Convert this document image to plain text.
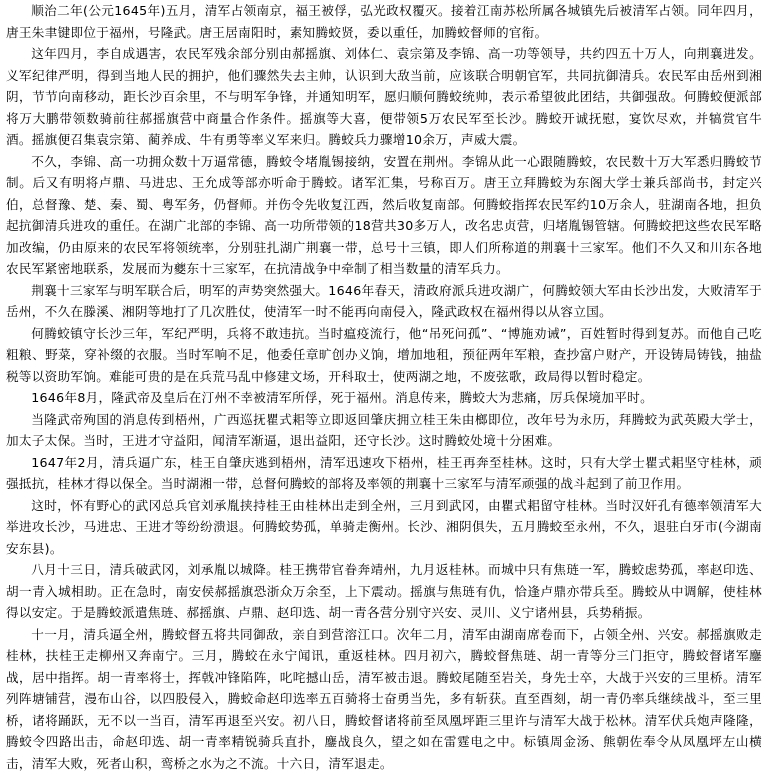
顺治二年(公元1645年)五月，清军占领南京，福王被俘，弘光政权覆灭。接着江南苏松所属各城镇先后被清军占领。同年四月，唐王朱聿键即位于福州，号隆武。唐王居南阳时，素知腾蛟贤，委以重任，加腾蛟督师的官衔。

这年四月，李自成遇害，农民军残余部分别由郝摇旗、刘体仁、袁宗第及李锦、高一功等领导，共约四五十万人，向荆襄进发。义军纪律严明，得到当地人民的拥护，他们骤然失去主帅，认识到大敌当前，应该联合明朝官军，共同抗御清兵。农民军由岳州到湘阴，节节向南移动，距长沙百余里，不与明军争锋，并通知明军，愿归顺何腾蛟统帅，表示希望彼此团结，共御强敌。何腾蛟便派部将万大鹏带领数骑前往郝摇旗营中商量合作条件。摇旗等大喜，便带领5万农民军至长沙。腾蛟开诚抚慰，宴饮尽欢，并犒赏官牛酒。摇旗便召集袁宗第、蔺养成、牛有勇等率义军来归。腾蛟兵力骤增10余万，声威大震。

不久，李锦、高一功拥众数十万逼常德，腾蛟令堵胤锡接纳，安置在荆州。李锦从此一心跟随腾蛟，农民数十万大军悉归腾蛟节制。后又有明将卢鼎、马进忠、王允成等部亦听命于腾蛟。诸军汇集，号称百万。唐王立拜腾蛟为东阁大学士兼兵部尚书，封定兴伯，总督豫、楚、秦、蜀、粤军务，仍督师。并伤令先收复江西，然后收复南部。何腾蛟指挥农民军约10万余人，驻湖南各地，担负起抗御清兵进攻的重任。在湖广北部的李锦、高一功所带领的18营共30多万人，改名忠贞营，归堵胤锡管辖。何腾蛟把这些农民军略加改编，仍由原来的农民军将领统率，分别驻扎湖广荆襄一带，总号十三镇，即人们所称道的荆襄十三家军。他们不久又和川东各地农民军紧密地联系，发展而为夔东十三家军，在抗清战争中牵制了相当数量的清军兵力。

荆襄十三家军与明军联合后，明军的声势突然强大。1646年春天，清政府派兵进攻湖广，何腾蛟领大军由长沙出发，大败清军于岳州，不久在滕溪、湘阴等地打了几次胜仗，使清军一时不能再向南侵入，隆武政权在福州得以从容立国。

何腾蛟镇守长沙三年，军纪严明，兵将不敢违抗。当时瘟疫流行，他“吊死问孤”、“博施劝诫”，百姓暂时得到复苏。而他自己吃粗粮、野菜，穿补缀的衣服。当时军响不足，他委任章旷创办义饷，增加地租，预征两年军粮，查抄富户财产，开设铸局铸钱，抽盐税等以资助军饷。难能可贵的是在兵荒马乱中修建文场，开科取士，使两湖之地，不废弦歌，政局得以暂时稳定。

1646年8月，隆武帝及皇后在汀州不幸被清军所俘，死于福州。消息传来，腾蛟大为悲痛，厉兵保境加平时。

当隆武帝殉国的消息传到梧州，广西巡抚瞿式耜等立即返回肇庆拥立桂王朱由榔即位，改年号为永历，拜腾蛟为武英殿大学士，加太子太保。当时，王进才守益阳，闻清军渐逼，退出益阳，还守长沙。这时腾蛟处境十分困难。

1647年2月，清兵逼广东，桂王自肇庆逃到梧州，清军迅速攻下梧州，桂王再奔至桂林。这时，只有大学士瞿式耜坚守桂林，顽强抵抗，桂林才得以保全。当时湖湘一带，总督何腾蛟的部将及率领的荆襄十三家军与清军顽强的战斗起到了前卫作用。

这时，怀有野心的武冈总兵官刘承胤挟持桂王由桂林出走到全州，三月到武冈，由瞿式耜留守桂林。当时汉奸孔有德率领清军大举进攻长沙，马进忠、王进才等纷纷溃退。何腾蛟势孤，单骑走衡州。长沙、湘阴俱失，五月腾蛟至永州，不久，退驻白牙市(今湖南安东县)。

八月十三日，清兵破武冈，刘承胤以城降。桂王携带官眷奔靖州，九月返桂林。而城中只有焦琏一军，腾蛟虑势孤，率赵印选、胡一青入城相助。正在急时，南安侯郝摇旗恐浙众万余至，上下震动。摇旗与焦琏有仇，恰逢卢鼎亦带兵至。腾蛟从中调解，使桂林得以安定。于是腾蛟派遣焦琏、郝摇旗、卢鼎、赵印选、胡一青各营分别守兴安、灵川、义宁诸州县，兵势稍振。

十一月，清兵逼全州，腾蛟督五将共同御敌，亲自到营溶江口。次年二月，清军由湖南席卷而下，占领全州、兴安。郝摇旗败走桂林，扶桂王走柳州又奔南宁。三月，腾蛟在永宁闻讯，重返桂林。四月初六，腾蛟督焦琏、胡一青等分三门拒守，腾蛟督诸军鏖战，居中指挥。胡一青率将士，挥戟冲锋陷阵，叱咤撼山岳，清军被击退。腾蛟尾随至岩关，身先士卒，大战于兴安的三里桥。清军列阵塘铺营，漫布山谷，以四股侵入，腾蛟命赵印选率五百骑将士奋勇当先，多有斩获。直至酉刻，胡一青仍率兵继续战斗，至三里桥，诸将踊跃，无不以一当百，清军再退至兴安。初八日，腾蛟督诸将前至凤凰坪距三里许与清军大战于松林。清军伏兵炮声隆隆，腾蛟令四路出击，命赵印选、胡一青率精锐骑兵直扑，鏖战良久，望之如在雷霆电之中。标镇周金汤、熊朝佐奉令从凤凰坪左山横击，清军大败，死者山积，鸾桥之水为之不流。十六日，清军退走。
